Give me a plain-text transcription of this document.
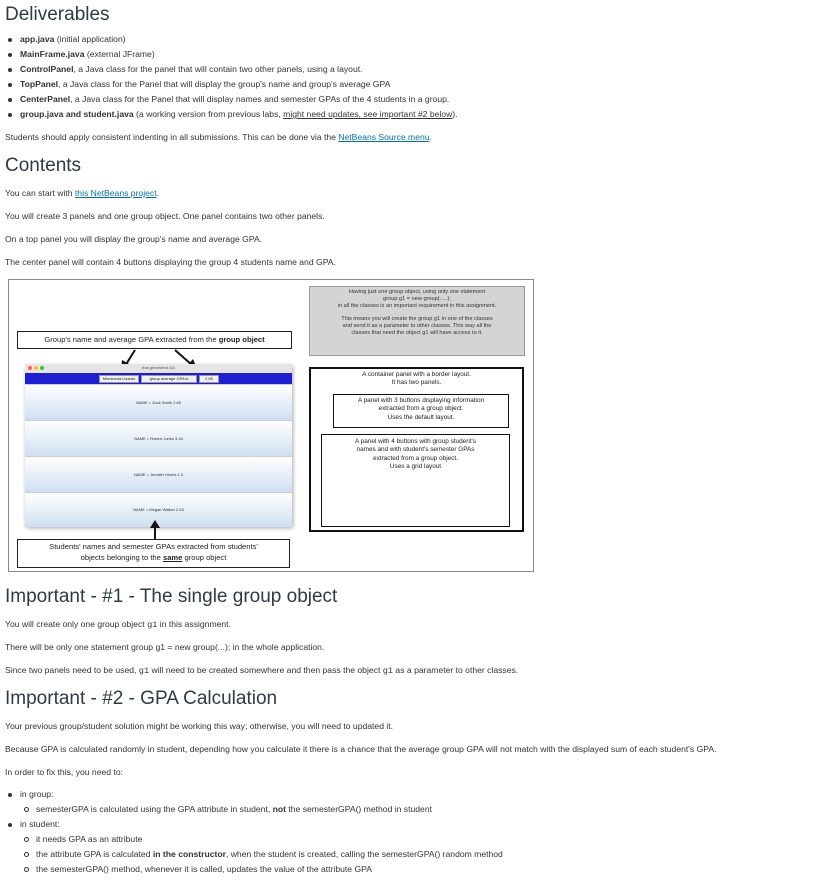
Deliverables
app.java (initial application)
MainFrame.java (external JFrame)
ControlPanel, a Java class for the panel that will contain two other panels, using a layout.
TopPanel, a Java class for the Panel that will display the group's name and group's average GPA
CenterPanel, a Java class for the Panel that will display names and semester GPAs of the 4 students in a group.
group.java and student.java (a working version from previous labs, might need updates, see important #2 below).
Students should apply consistent indenting in all submissions. This can be done via the NetBeans Source menu.
Contents
You can start with this NetBeans project.
You will create 3 panels and one group object. One panel contains two other panels.
On a top panel you will display the group's name and average GPA.
The center panel will contain 4 buttons displaying the group 4 students name and GPA.
Group's name and average GPA extracted from the group object
that generated GA
Minnesota Lizards	group average GPA is	2.55
NAME = Zack Smith 2.65
NAME = Robert Jones 3.44
NAME = Jennifer Morris 1.0
NAME = Megan Walker 2.63
Students' names and semester GPAs extracted from students'
objects belonging to the same group object
Having just one group object, using only one statement
group g1 = new group(.....);
in all the classes is an important requirement in this assignment.
This means you will create the group g1 in one of the classes
and send it as a parameter to other classes. This way all the
classes that need the object g1 will have access to it.
A container panel with a border layout.
It has two panels.
A panel with 3 buttons displaying information
extracted from a group object.
Uses the default layout.
A panel with 4 buttons with group student's
names and with student's semester GPAs
extracted from a group object.
Uses a grid layout
Important - #1 - The single group object
You will create only one group object g1 in this assignment.
There will be only one statement group g1 = new group(...); in the whole application.
Since two panels need to be used, g1 will need to be created somewhere and then pass the object g1 as a parameter to other classes.
Important - #2 - GPA Calculation
Your previous group/student solution might be working this way; otherwise, you will need to updated it.
Because GPA is calculated randomly in student, depending how you calculate it there is a chance that the average group GPA will not match with the displayed sum of each student's GPA.
In order to fix this, you need to:
in group:
semesterGPA is calculated using the GPA attribute in student, not the semesterGPA() method in student
in student:
it needs GPA as an attribute
the attribute GPA is calculated in the constructor, when the student is created, calling the semesterGPA() random method
the semesterGPA() method, whenever it is called, updates the value of the attribute GPA
